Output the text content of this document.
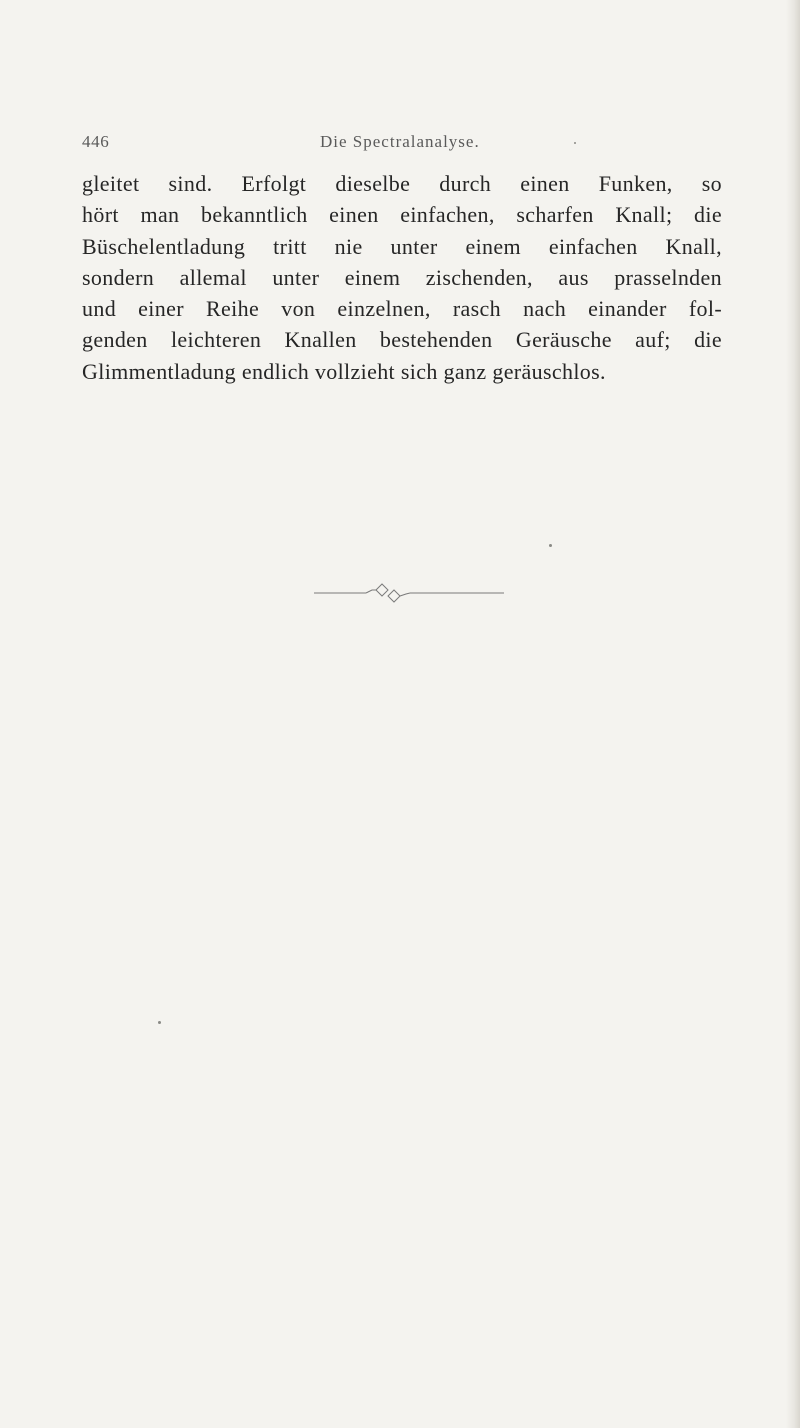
446	Die Spectralanalyse.
gleitet sind. Erfolgt dieselbe durch einen Funken, so
hört man bekanntlich einen einfachen, scharfen Knall; die
Büschelentladung tritt nie unter einem einfachen Knall,
sondern allemal unter einem zischenden, aus prasselnden
und einer Reihe von einzelnen, rasch nach einander fol-
genden leichteren Knallen bestehenden Geräusche auf; die
Glimmentladung endlich vollzieht sich ganz geräuschlos.
